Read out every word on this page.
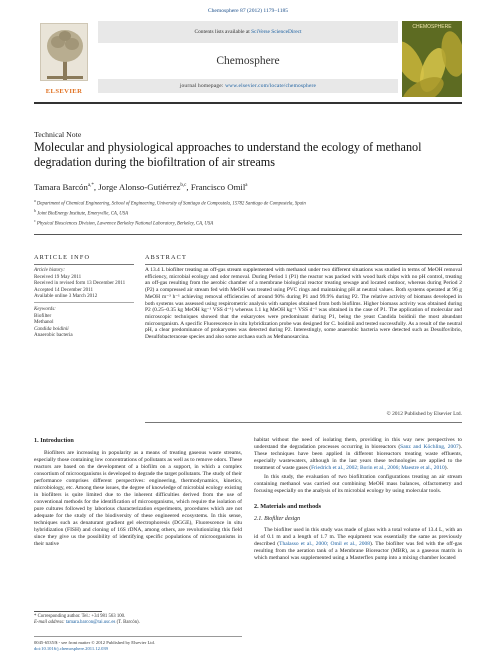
Chemosphere 87 (2012) 1179–1185
ELSEVIER
Contents lists available at SciVerse ScienceDirect
Chemosphere
journal homepage: www.elsevier.com/locate/chemosphere
CHEMOSPHERE
Technical Note
Molecular and physiological approaches to understand the ecology of methanol degradation during the biofiltration of air streams
Tamara Barcón$^{a,*}$, Jorge Alonso-Gutiérrez$^{b,c}$, Francisco Omil$^a$
$^a$ Department of Chemical Engineering, School of Engineering, University of Santiago de Compostela, 15782 Santiago de Compostela, Spain
$^b$ Joint BioEnergy Institute, Emeryville, CA, USA
$^c$ Physical Biosciences Division, Lawrence Berkeley National Laboratory, Berkeley, CA, USA
ARTICLE INFO
Article history:
Received 19 May 2011
Received in revised form 13 December 2011
Accepted 14 December 2011
Available online 3 March 2012
Keywords:
Biofilter
Methanol
Candida boidinii
Anaerobic bacteria
ABSTRACT
A 13.4 L biofilter treating an off-gas stream supplemented with methanol under two different situations was studied in terms of MeOH removal efficiency, microbial ecology and odor removal. During Period 1 (P1) the reactor was packed with wood bark chips with no pH control, treating an off-gas resulting from the aerobic chamber of a membrane biological reactor treating sewage and located outdoor, whereas during Period 2 (P2) a compressed air stream fed with MeOH was treated using PVC rings and maintaining pH at neutral values. Both systems operated at 96 g MeOH m⁻³ h⁻¹ achieving removal efficiencies of around 90% during P1 and 99.9% during P2. The relative activity of biomass developed in both systems was assessed using respirometric analysis with samples obtained from both biofilms. Higher biomass activity was obtained during P2 (0.25–0.35 kg MeOH kg⁻¹ VSS d⁻¹) whereas 1.1 kg MeOH kg⁻¹ VSS d⁻¹ was obtained in the case of P1. The application of molecular and microscopic techniques showed that the eukaryotes were predominant during P1, being the yeast Candida boidinii the most abundant microorganism. A specific Fluorescence in situ hybridization probe was designed for C. boidinii and tested successfully. As a result of the neutral pH, a clear predominance of prokaryotes was detected during P2. Interestingly, some anaerobic bacteria were detected such as Desulfovibrio, Desulfobacteraceae species and also some archaea such as Methanosarcina.
© 2012 Published by Elsevier Ltd.
1. Introduction

Biofilters are increasing in popularity as a means of treating gaseous waste streams, especially those containing low concentrations of pollutants as well as to remove odors. These reactors are based on the development of a biofilm on a support, in which a complex consortium of microorganisms is developed to degrade the target pollutants. The study of their performance comprises different perspectives: engineering, thermodynamics, kinetics, microbiology, etc. Among these issues, the degree of knowledge of microbial ecology existing in biofilters is quite limited due to the inherent difficulties derived from the use of conventional methods for the identification of microorganisms, which require the isolation of pure cultures followed by laborious characterization experiments, procedures which are not adequate for the study of the biodiversity of these engineered ecosystems. In this sense, techniques such as denaturant gradient gel electrophoresis (DGGE), Fluorescence in situ hybridization (FISH) and cloning of 16S rDNA, among others, are revolutionizing this field since they give us the possibility of identifying specific populations of microorganisms in their native

habitat without the need of isolating them, providing in this way new perspectives to understand the degradation processes occurring in bioreactors (Sanz and Köchling, 2007). These techniques have been applied in different bioreactors treating waste effluents, especially wastewaters, although in the last years these technologies are applied to the treatment of waste gases (Friedrich et al., 2002; Borin et al., 2006; Maestre et al., 2010).

In this study, the evaluation of two biofiltration configurations treating an air stream containing methanol was carried out combining MeOH mass balances, olfactometry and focusing especially on the analysis of its microbial ecology by using molecular tools.

2. Materials and methods
2.1. Biofilter design

The biofilter used in this study was made of glass with a total volume of 13.4 L, with an id of 0.1 m and a length of 1.7 m. The equipment was essentially the same as previously described (Thalasso et al., 2000; Omil et al., 2008). The biofilter was fed with the off-gas resulting from the aeration tank of a Membrane Bioreactor (MBR), as a gaseous matrix in which methanol was supplemented using a Masterflex pump into a mixing chamber located

* Corresponding author. Tel.: +34 981 563 100.
E-mail address: tamara.barcon@rai.usc.es (T. Barcón).
0045-6535/$ - see front matter © 2012 Published by Elsevier Ltd.
doi:10.1016/j.chemosphere.2011.12.039
